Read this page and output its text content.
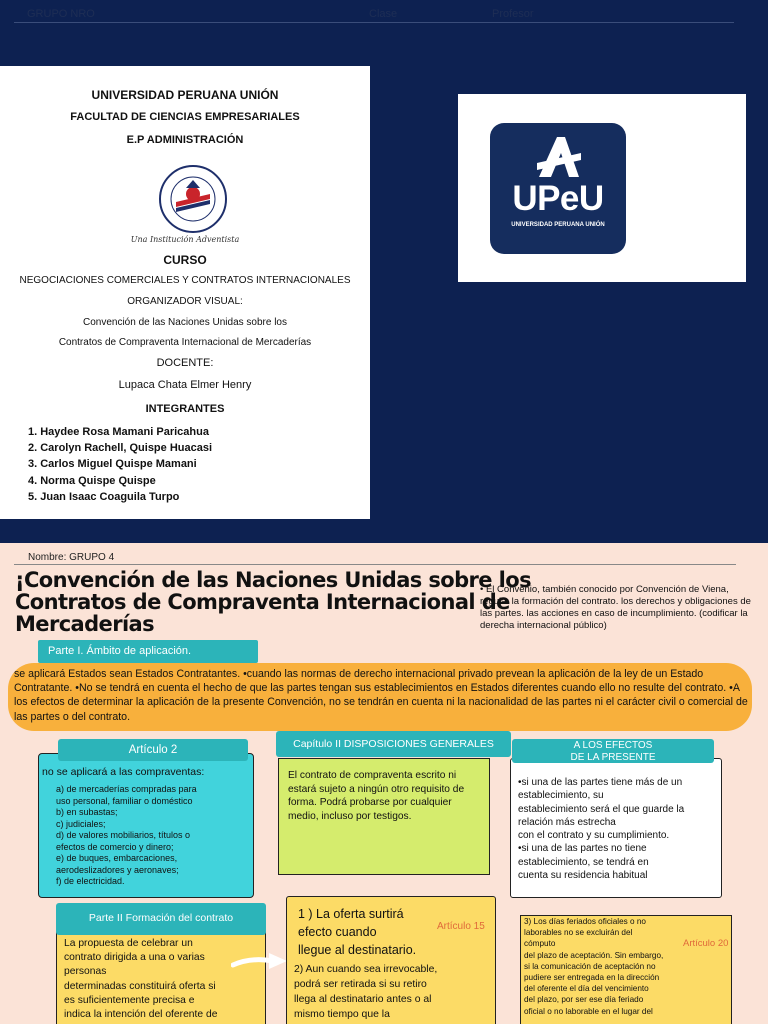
GRUPO NRO	Clase	Profesor
UNIVERSIDAD PERUANA UNIÓN
FACULTAD DE CIENCIAS EMPRESARIALES
E.P ADMINISTRACIÓN
Una Institución Adventista
CURSO
NEGOCIACIONES COMERCIALES Y CONTRATOS INTERNACIONALES
ORGANIZADOR VISUAL:
Convención de las Naciones Unidas sobre los
Contratos de Compraventa Internacional de Mercaderías
DOCENTE:
Lupaca Chata Elmer Henry
INTEGRANTES
1. Haydee Rosa Mamani Paricahua
2. Carolyn Rachell, Quispe Huacasi
3. Carlos Miguel Quispe Mamani
4. Norma Quispe Quispe
5. Juan Isaac Coaguila Turpo
UPeU
UNIVERSIDAD PERUANA UNIÓN
Nombre: GRUPO 4
¡Convención de las Naciones Unidas sobre los
Contratos de Compraventa Internacional de
Mercaderías
• El Convenio, también conocido por Convención de Viena, regula: la formación del contrato. los derechos y obligaciones de las partes. las acciones en caso de incumplimiento. (codificar la derecha internacional público)
Parte I. Ámbito de aplicación.
se aplicará Estados sean Estados Contratantes. •cuando las normas de derecho internacional privado prevean la aplicación de la ley de un Estado Contratante. •No se tendrá en cuenta el hecho de que las partes tengan sus establecimientos en Estados diferentes cuando ello no resulte del contrato. •A los efectos de determinar la aplicación de la presente Convención, no se tendrán en cuenta ni la nacionalidad de las partes ni el carácter civil o comercial de las partes o del contrato.
Artículo 2
no se aplicará a las compraventas:
a) de mercaderías compradas para
uso personal, familiar o doméstico
b) en subastas;
c) judiciales;
d) de valores mobiliarios, títulos o
efectos de comercio y dinero;
e) de buques, embarcaciones,
aerodeslizadores y aeronaves;
f) de electricidad.
Capítulo II DISPOSICIONES GENERALES
El contrato de compraventa escrito ni estará sujeto a ningún otro requisito de forma. Podrá probarse por cualquier medio, incluso por testigos.
A LOS EFECTOS
DE LA PRESENTE
•si una de las partes tiene más de un
establecimiento, su
establecimiento será el que guarde la
relación más estrecha
con el contrato y su cumplimiento.
•si una de las partes no tiene
establecimiento, se tendrá en
cuenta su residencia habitual
Parte II Formación del contrato
La propuesta de celebrar un
contrato dirigida a una o varias
personas
determinadas constituirá oferta si
es suficientemente precisa e
indica la intención del oferente de
1 ) La oferta surtirá
efecto cuando
llegue al destinatario.
Artículo 15
2) Aun cuando sea irrevocable,
podrá ser retirada si su retiro
llega al destinatario antes o al
mismo tiempo que la
3) Los días feriados oficiales o no
laborables no se excluirán del
cómputo
del plazo de aceptación. Sin embargo,
si la comunicación de aceptación no
pudiere ser entregada en la dirección
del oferente el día del vencimiento
del plazo, por ser ese día feriado
oficial o no laborable en el lugar del
Artículo 20
